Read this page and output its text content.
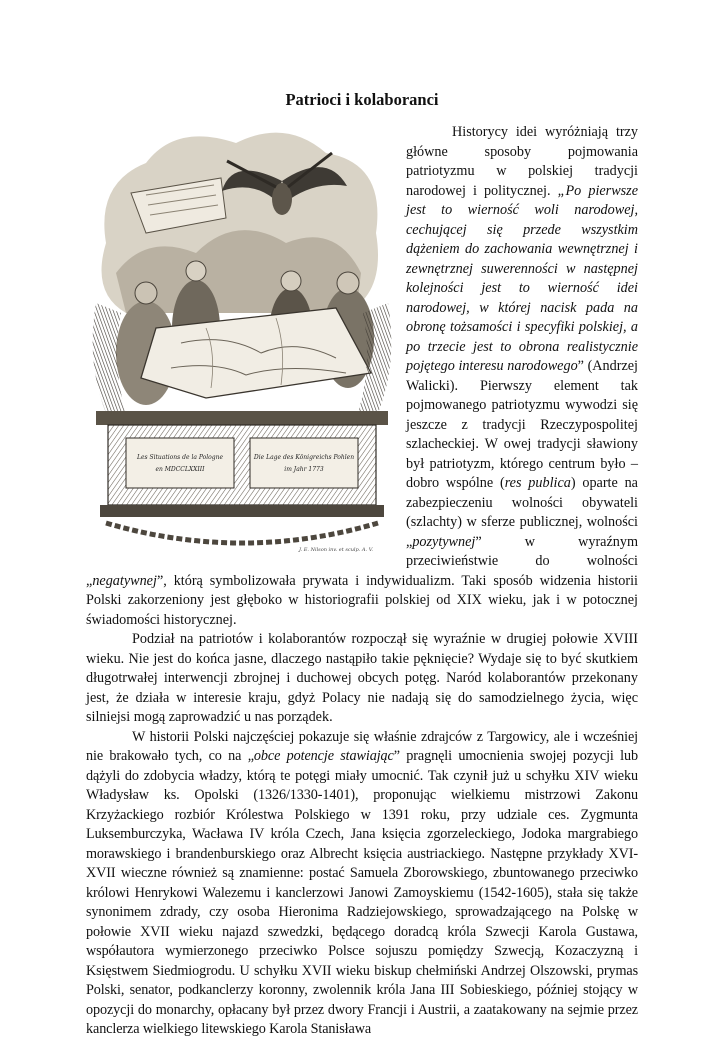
Patrioci i kolaboranci
Les Situations de la Pologne
en MDCCLXXIII
Die Lage des Königreichs Pohlen
im Jahr 1773
J. E. Nilson inv. et sculp. A. V.

Historycy idei wyróżniają trzy główne sposoby pojmowania patriotyzmu w polskiej tradycji narodowej i politycznej. „Po pierwsze jest to wierność woli narodowej, cechującej się przede wszystkim dążeniem do zachowania wewnętrznej i zewnętrznej suwerenności w następnej kolejności jest to wierność idei narodowej, w której nacisk pada na obronę tożsamości i specyfiki polskiej, a po trzecie jest to obrona realistycznie pojętego interesu narodowego” (Andrzej Walicki). Pierwszy element tak pojmowanego patriotyzmu wywodzi się jeszcze z tradycji Rzeczypospolitej szlacheckiej. W owej tradycji sławiony był patriotyzm, którego centrum było – dobro wspólne (res publica) oparte na zabezpieczeniu wolności obywateli (szlachty) w sferze publicznej, wolności „pozytywnej” w wyraźnym przeciwieństwie do wolności „negatywnej”, którą symbolizowała prywata i indywidualizm. Taki sposób widzenia historii Polski zakorzeniony jest głęboko w historiografii polskiej od XIX wieku, jak i w potocznej świadomości historycznej.

Podział na patriotów i kolaborantów rozpoczął się wyraźnie w drugiej połowie XVIII wieku. Nie jest do końca jasne, dlaczego nastąpiło takie pęknięcie? Wydaje się to być skutkiem długotrwałej interwencji zbrojnej i duchowej obcych potęg. Naród kolaborantów przekonany jest, że działa w interesie kraju, gdyż Polacy nie nadają się do samodzielnego życia, więc silniejsi mogą zaprowadzić u nas porządek.

W historii Polski najczęściej pokazuje się właśnie zdrajców z Targowicy, ale i wcześniej nie brakowało tych, co na „obce potencje stawiając” pragnęli umocnienia swojej pozycji lub dążyli do zdobycia władzy, którą te potęgi miały umocnić. Tak czynił już u schyłku XIV wieku Władysław ks. Opolski (1326/1330-1401), proponując wielkiemu mistrzowi Zakonu Krzyżackiego rozbiór Królestwa Polskiego w 1391 roku, przy udziale ces. Zygmunta Luksemburczyka, Wacława IV króla Czech, Jana księcia zgorzeleckiego, Jodoka margrabiego morawskiego i brandenburskiego oraz Albrecht księcia austriackiego. Następne przykłady XVI-XVII wieczne również są znamienne: postać Samuela Zborowskiego, zbuntowanego przeciwko królowi Henrykowi Walezemu i kanclerzowi Janowi Zamoyskiemu (1542-1605), stała się także synonimem zdrady, czy osoba Hieronima Radziejowskiego, sprowadzającego na Polskę w połowie XVII wieku najazd szwedzki, będącego doradcą króla Szwecji Karola Gustawa, współautora wymierzonego przeciwko Polsce sojuszu pomiędzy Szwecją, Kozaczyzną i Księstwem Siedmiogrodu. U schyłku XVII wieku biskup chełmiński Andrzej Olszowski, prymas Polski, senator, podkanclerzy koronny, zwolennik króla Jana III Sobieskiego, później stojący w opozycji do monarchy, opłacany był przez dwory Francji i Austrii, a zaatakowany na sejmie przez kanclerza wielkiego litewskiego Karola Stanisława
